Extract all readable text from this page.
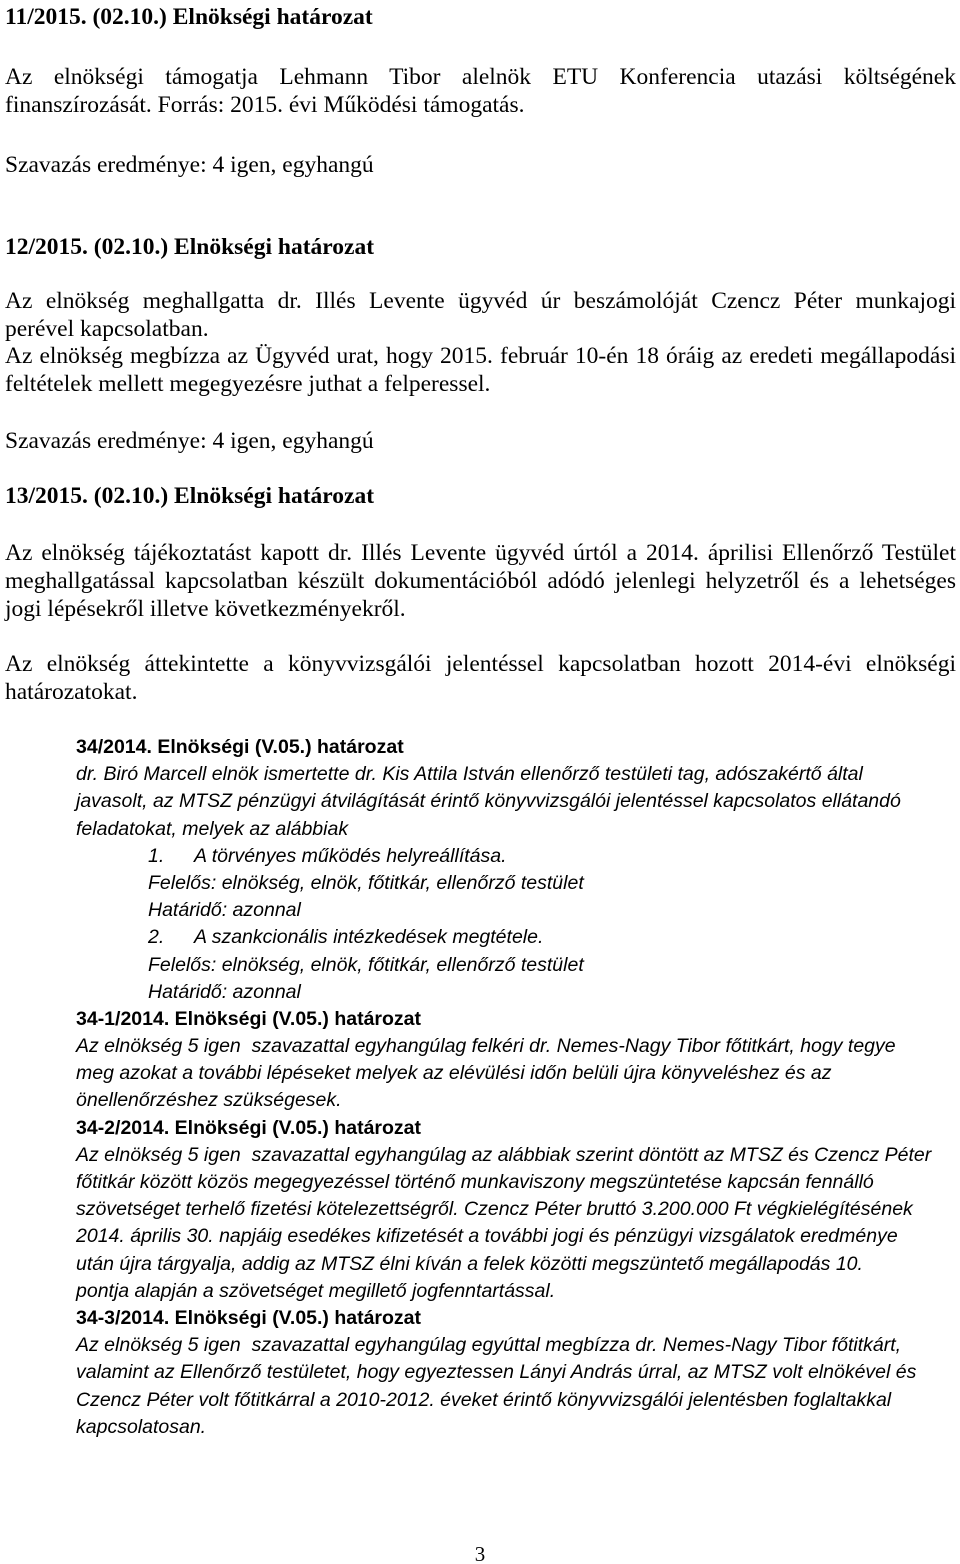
11/2015. (02.10.) Elnökségi határozat
Az elnökségi támogatja Lehmann Tibor alelnök ETU Konferencia utazási költségének
finanszírozását. Forrás: 2015. évi Működési támogatás.
Szavazás eredménye: 4 igen, egyhangú
12/2015. (02.10.) Elnökségi határozat
Az elnökség meghallgatta dr. Illés Levente ügyvéd úr beszámolóját Czencz Péter munkajogi
perével kapcsolatban.
Az elnökség megbízza az Ügyvéd urat, hogy 2015. február 10-én 18 óráig az eredeti megállapodási
feltételek mellett megegyezésre juthat a felperessel.
Szavazás eredménye: 4 igen, egyhangú
13/2015. (02.10.) Elnökségi határozat
Az elnökség tájékoztatást kapott dr. Illés Levente ügyvéd úrtól a 2014. áprilisi Ellenőrző Testület
meghallgatással kapcsolatban készült dokumentációból adódó jelenlegi helyzetről és a lehetséges
jogi lépésekről illetve következményekről.
Az elnökség áttekintette a könyvvizsgálói jelentéssel kapcsolatban hozott 2014-évi elnökségi
határozatokat.
34/2014. Elnökségi (V.05.) határozat
dr. Biró Marcell elnök ismertette dr. Kis Attila István ellenőrző testületi tag, adószakértő által
javasolt, az MTSZ pénzügyi átvilágítását érintő könyvvizsgálói jelentéssel kapcsolatos ellátandó
feladatokat, melyek az alábbiak
1. A törvényes működés helyreállítása.
Felelős: elnökség, elnök, főtitkár, ellenőrző testület
Határidő: azonnal
2. A szankcionális intézkedések megtétele.
Felelős: elnökség, elnök, főtitkár, ellenőrző testület
Határidő: azonnal
34-1/2014. Elnökségi (V.05.) határozat
Az elnökség 5 igen  szavazattal egyhangúlag felkéri dr. Nemes-Nagy Tibor főtitkárt, hogy tegye
meg azokat a további lépéseket melyek az elévülési időn belüli újra könyveléshez és az
önellenőrzéshez szükségesek.
34-2/2014. Elnökségi (V.05.) határozat
Az elnökség 5 igen  szavazattal egyhangúlag az alábbiak szerint döntött az MTSZ és Czencz Péter
főtitkár között közös megegyezéssel történő munkaviszony megszüntetése kapcsán fennálló
szövetséget terhelő fizetési kötelezettségről. Czencz Péter bruttó 3.200.000 Ft végkielégítésének
2014. április 30. napjáig esedékes kifizetését a további jogi és pénzügyi vizsgálatok eredménye
után újra tárgyalja, addig az MTSZ élni kíván a felek közötti megszüntető megállapodás 10.
pontja alapján a szövetséget megillető jogfenntartással.
34-3/2014. Elnökségi (V.05.) határozat
Az elnökség 5 igen  szavazattal egyhangúlag egyúttal megbízza dr. Nemes-Nagy Tibor főtitkárt,
valamint az Ellenőrző testületet, hogy egyeztessen Lányi András úrral, az MTSZ volt elnökével és
Czencz Péter volt főtitkárral a 2010-2012. éveket érintő könyvvizsgálói jelentésben foglaltakkal
kapcsolatosan.
3
